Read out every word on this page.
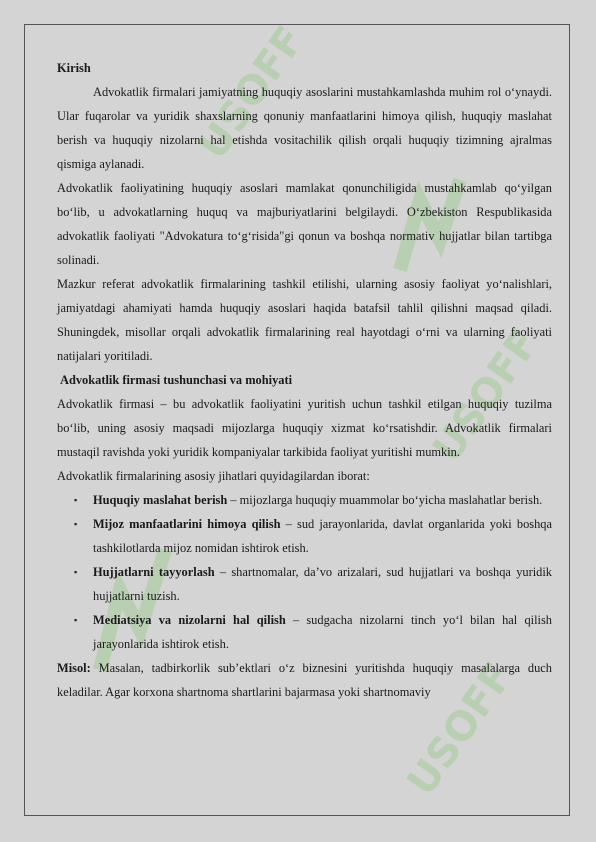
USOFF
USOFF
USOFF

Kirish

Advokatlik firmalari jamiyatning huquqiy asoslarini mustahkamlashda muhim rol o‘ynaydi. Ular fuqarolar va yuridik shaxslarning qonuniy manfaatlarini himoya qilish, huquqiy maslahat berish va huquqiy nizolarni hal etishda vositachilik qilish orqali huquqiy tizimning ajralmas qismiga aylanadi.

Advokatlik faoliyatining huquqiy asoslari mamlakat qonunchiligida mustahkamlab qo‘yilgan bo‘lib, u advokatlarning huquq va majburiyatlarini belgilaydi. O‘zbekiston Respublikasida advokatlik faoliyati "Advokatura to‘g‘risida"gi qonun va boshqa normativ hujjatlar bilan tartibga solinadi.

Mazkur referat advokatlik firmalarining tashkil etilishi, ularning asosiy faoliyat yo‘nalishlari, jamiyatdagi ahamiyati hamda huquqiy asoslari haqida batafsil tahlil qilishni maqsad qiladi. Shuningdek, misollar orqali advokatlik firmalarining real hayotdagi o‘rni va ularning faoliyati natijalari yoritiladi.

Advokatlik firmasi tushunchasi va mohiyati

Advokatlik firmasi – bu advokatlik faoliyatini yuritish uchun tashkil etilgan huquqiy tuzilma bo‘lib, uning asosiy maqsadi mijozlarga huquqiy xizmat ko‘rsatishdir. Advokatlik firmalari mustaqil ravishda yoki yuridik kompaniyalar tarkibida faoliyat yuritishi mumkin.

Advokatlik firmalarining asosiy jihatlari quyidagilardan iborat:

▪ Huquqiy maslahat berish – mijozlarga huquqiy muammolar bo‘yicha maslahatlar berish.
▪ Mijoz manfaatlarini himoya qilish – sud jarayonlarida, davlat organlarida yoki boshqa tashkilotlarda mijoz nomidan ishtirok etish.
▪ Hujjatlarni tayyorlash – shartnomalar, da’vo arizalari, sud hujjatlari va boshqa yuridik hujjatlarni tuzish.
▪ Mediatsiya va nizolarni hal qilish – sudgacha nizolarni tinch yo‘l bilan hal qilish jarayonlarida ishtirok etish.

Misol: Masalan, tadbirkorlik sub’ektlari o‘z biznesini yuritishda huquqiy masalalarga duch keladilar. Agar korxona shartnoma shartlarini bajarmasa yoki shartnomaviy
